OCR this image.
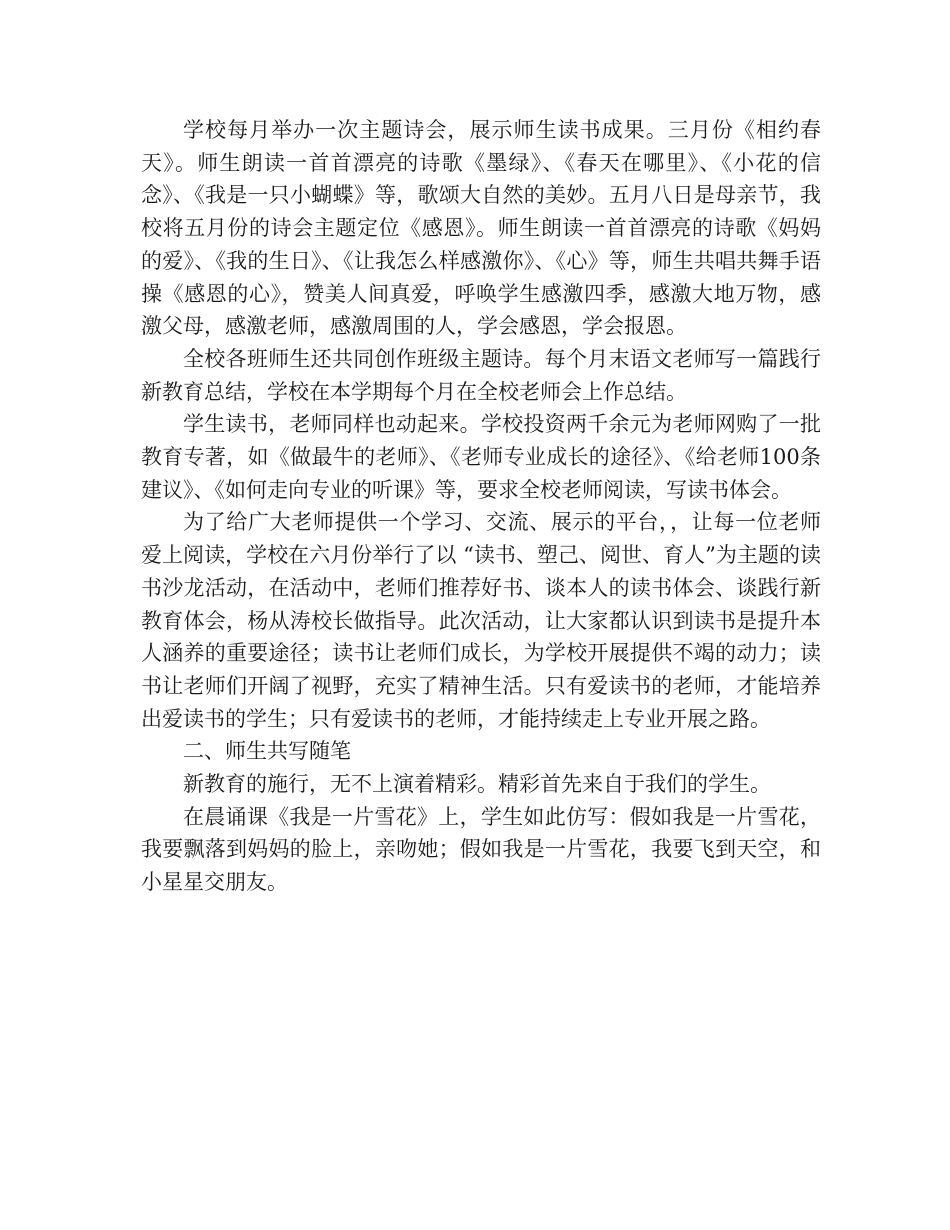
学校每月举办一次主题诗会，展示师生读书成果。三月份《相约春天》。师生朗读一首首漂亮的诗歌《墨绿》、《春天在哪里》、《小花的信念》、《我是一只小蝴蝶》等，歌颂大自然的美妙。五月八日是母亲节，我校将五月份的诗会主题定位《感恩》。师生朗读一首首漂亮的诗歌《妈妈的爱》、《我的生日》、《让我怎么样感激你》、《心》等，师生共唱共舞手语操《感恩的心》，赞美人间真爱，呼唤学生感激四季，感激大地万物，感激父母，感激老师，感激周围的人，学会感恩，学会报恩。

全校各班师生还共同创作班级主题诗。每个月末语文老师写一篇践行新教育总结，学校在本学期每个月在全校老师会上作总结。

学生读书，老师同样也动起来。学校投资两千余元为老师网购了一批教育专著，如《做最牛的老师》、《老师专业成长的途径》、《给老师100条建议》、《如何走向专业的听课》等，要求全校老师阅读，写读书体会。

为了给广大老师提供一个学习、交流、展示的平台，，让每一位老师爱上阅读，学校在六月份举行了以 “读书、塑己、阅世、育人”为主题的读书沙龙活动，在活动中，老师们推荐好书、谈本人的读书体会、谈践行新教育体会，杨从涛校长做指导。此次活动，让大家都认识到读书是提升本人涵养的重要途径；读书让老师们成长，为学校开展提供不竭的动力；读书让老师们开阔了视野，充实了精神生活。只有爱读书的老师，才能培养出爱读书的学生；只有爱读书的老师，才能持续走上专业开展之路。

二、师生共写随笔

新教育的施行，无不上演着精彩。精彩首先来自于我们的学生。

在晨诵课《我是一片雪花》上，学生如此仿写：假如我是一片雪花，我要飘落到妈妈的脸上，亲吻她；假如我是一片雪花，我要飞到天空，和小星星交朋友。
